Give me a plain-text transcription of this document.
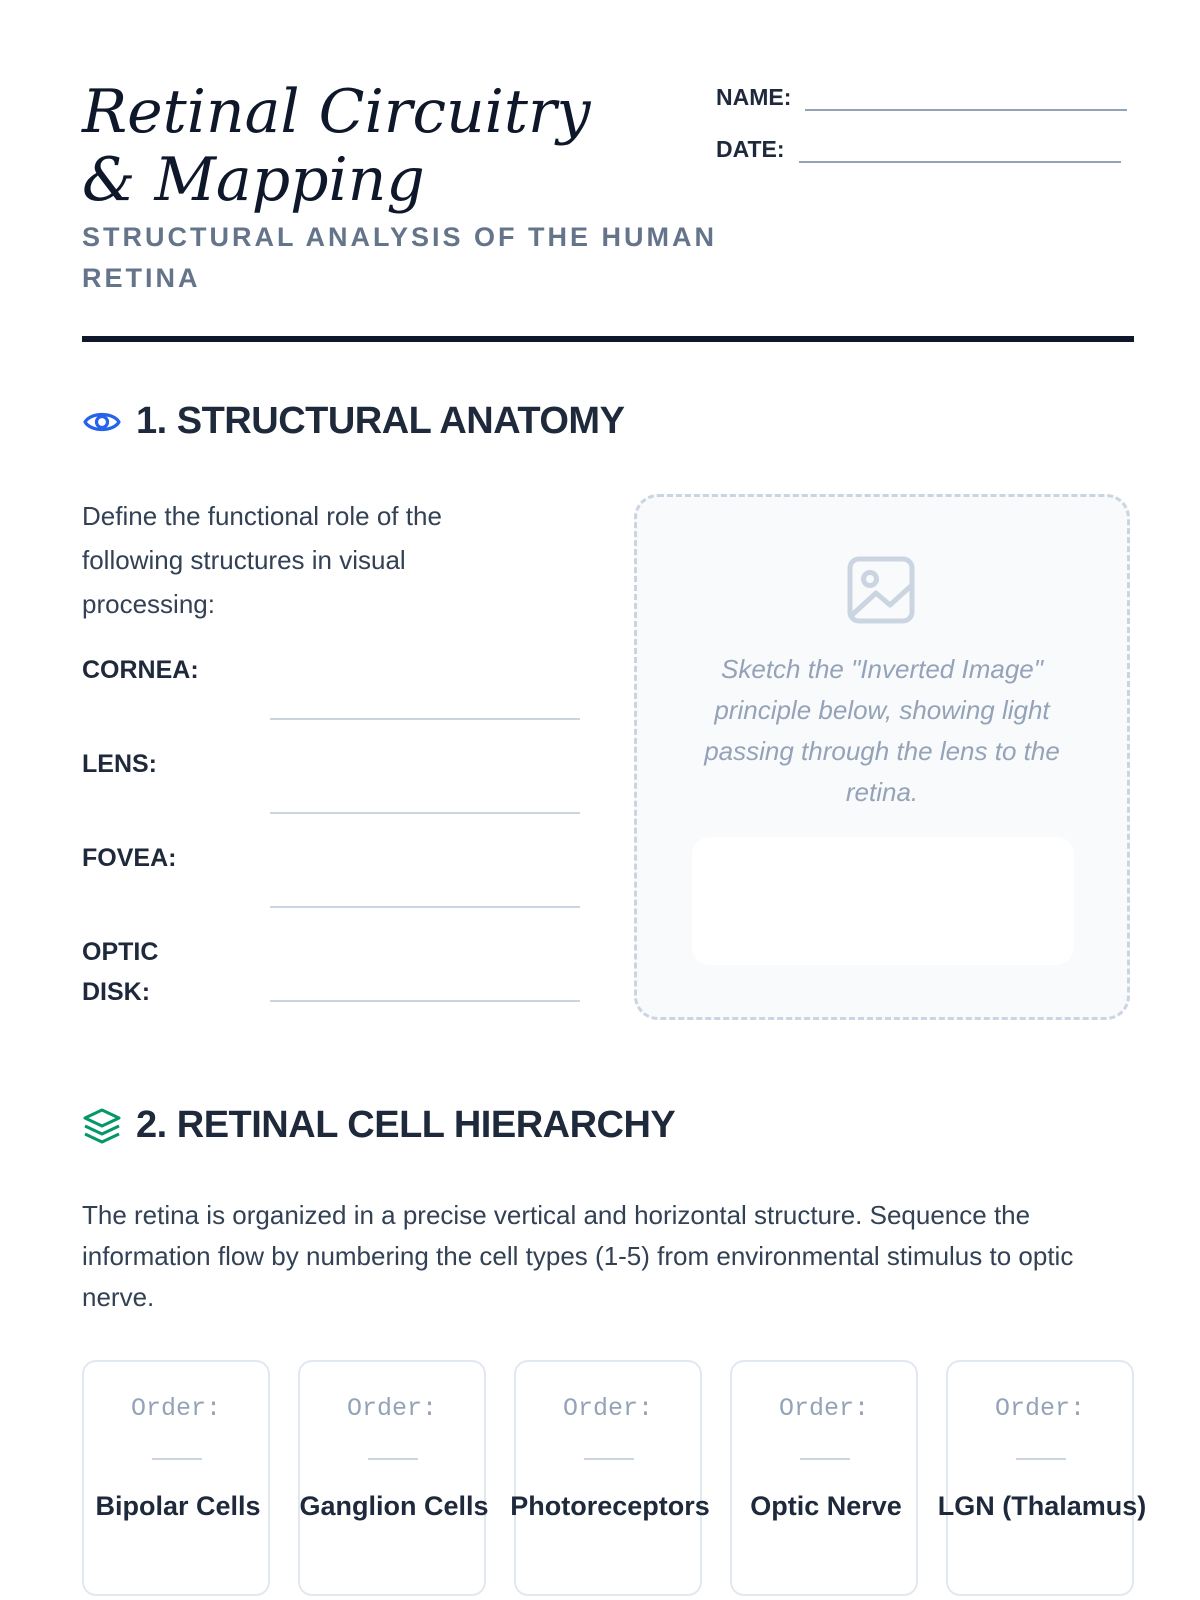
Retinal Circuitry & Mapping
STRUCTURAL ANALYSIS OF THE HUMAN RETINA
NAME:
DATE:
1. STRUCTURAL ANATOMY
Define the functional role of the following structures in visual processing:
CORNEA:
LENS:
FOVEA:
OPTIC DISK:
Sketch the "Inverted Image" principle below, showing light passing through the lens to the retina.
2. RETINAL CELL HIERARCHY
The retina is organized in a precise vertical and horizontal structure. Sequence the information flow by numbering the cell types (1-5) from environmental stimulus to optic nerve.
Order:
Bipolar Cells
Order:
Ganglion Cells
Order:
Photoreceptors
Order:
Optic Nerve
Order:
LGN (Thalamus)
